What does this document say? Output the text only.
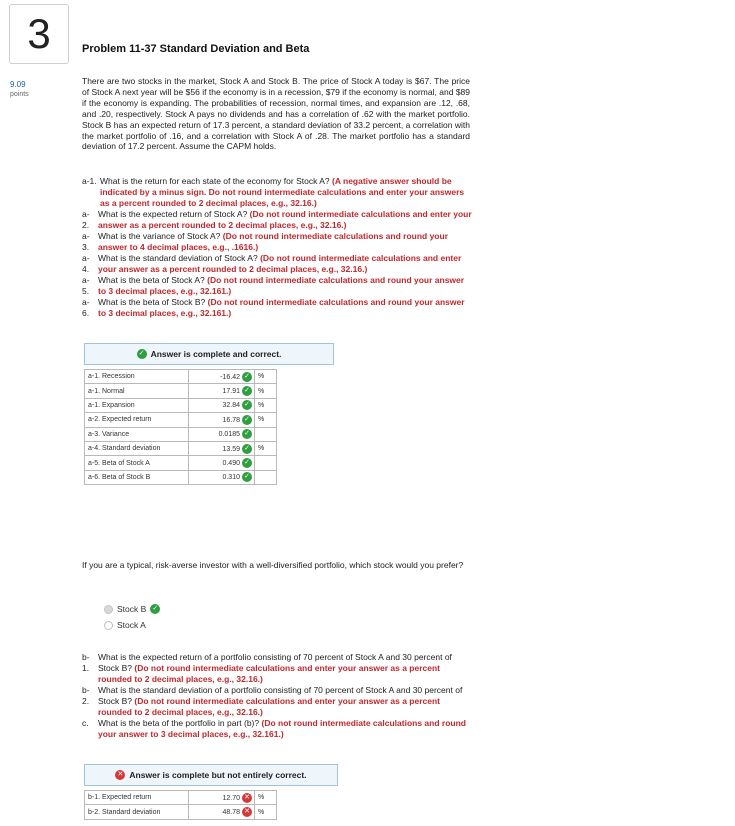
3
9.09
points
Problem 11-37 Standard Deviation and Beta
There are two stocks in the market, Stock A and Stock B. The price of Stock A today is $67. The price of Stock A next year will be $56 if the economy is in a recession, $79 if the economy is normal, and $89 if the economy is expanding. The probabilities of recession, normal times, and expansion are .12, .68, and .20, respectively. Stock A pays no dividends and has a correlation of .62 with the market portfolio. Stock B has an expected return of 17.3 percent, a standard deviation of 33.2 percent, a correlation with the market portfolio of .16, and a correlation with Stock A of .28. The market portfolio has a standard deviation of 17.2 percent. Assume the CAPM holds.
a-1. What is the return for each state of the economy for Stock A? (A negative answer should be indicated by a minus sign. Do not round intermediate calculations and enter your answers as a percent rounded to 2 decimal places, e.g., 32.16.)
a-2.
What is the expected return of Stock A? (Do not round intermediate calculations and enter your answer as a percent rounded to 2 decimal places, e.g., 32.16.)
a-3.
What is the variance of Stock A? (Do not round intermediate calculations and round your answer to 4 decimal places, e.g., .1616.)
a-4.
What is the standard deviation of Stock A? (Do not round intermediate calculations and enter your answer as a percent rounded to 2 decimal places, e.g., 32.16.)
a-5.
What is the beta of Stock A? (Do not round intermediate calculations and round your answer to 3 decimal places, e.g., 32.161.)
a-6.
What is the beta of Stock B? (Do not round intermediate calculations and round your answer to 3 decimal places, e.g., 32.161.)
✓ Answer is complete and correct.
a-1. Recession	-16.42 ✓	%
a-1. Normal	17.91 ✓	%
a-1. Expansion	32.84 ✓	%
a-2. Expected return	16.78 ✓	%
a-3. Variance	0.0185 ✓	
a-4. Standard deviation	13.59 ✓	%
a-5. Beta of Stock A	0.490 ✓	
a-6. Beta of Stock B	0.310 ✓	
If you are a typical, risk-averse investor with a well-diversified portfolio, which stock would you prefer?
Stock B ✓
Stock A
b-1.
What is the expected return of a portfolio consisting of 70 percent of Stock A and 30 percent of Stock B? (Do not round intermediate calculations and enter your answer as a percent rounded to 2 decimal places, e.g., 32.16.)
b-2.
What is the standard deviation of a portfolio consisting of 70 percent of Stock A and 30 percent of Stock B? (Do not round intermediate calculations and enter your answer as a percent rounded to 2 decimal places, e.g., 32.16.)
c.	What is the beta of the portfolio in part (b)? (Do not round intermediate calculations and round your answer to 3 decimal places, e.g., 32.161.)
✕ Answer is complete but not entirely correct.
b-1. Expected return	12.70 ✕	%
b-2. Standard deviation	48.78 ✕	%
